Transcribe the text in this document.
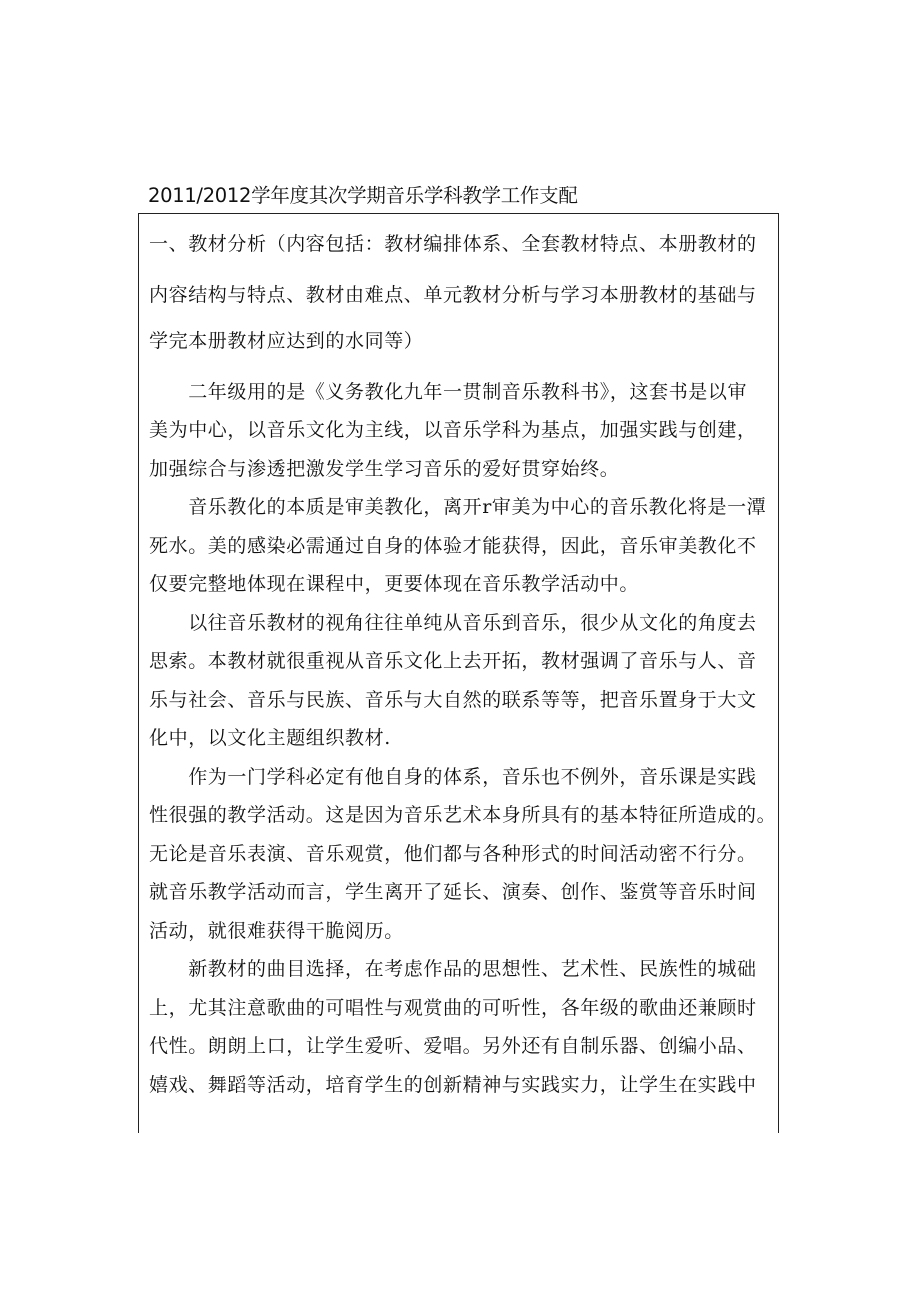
2011/2012学年度其次学期音乐学科教学工作支配
一、教材分析（内容包括：教材编排体系、全套教材特点、本册教材的
内容结构与特点、教材由难点、单元教材分析与学习本册教材的基础与
学完本册教材应达到的水同等）
　　二年级用的是《义务教化九年一贯制音乐教科书》，这套书是以审
美为中心，以音乐文化为主线，以音乐学科为基点，加强实践与创建，
加强综合与渗透把激发学生学习音乐的爱好贯穿始终。
　　音乐教化的本质是审美教化，离开r审美为中心的音乐教化将是一潭
死水。美的感染必需通过自身的体验才能获得，因此，音乐审美教化不
仅要完整地体现在课程中，更要体现在音乐教学活动中。
　　以往音乐教材的视角往往单纯从音乐到音乐，很少从文化的角度去
思索。本教材就很重视从音乐文化上去开拓，教材强调了音乐与人、音
乐与社会、音乐与民族、音乐与大自然的联系等等，把音乐置身于大文
化中，以文化主题组织教材.
　　作为一门学科必定有他自身的体系，音乐也不例外，音乐课是实践
性很强的教学活动。这是因为音乐艺术本身所具有的基本特征所造成的。
无论是音乐表演、音乐观赏，他们都与各种形式的时间活动密不行分。
就音乐教学活动而言，学生离开了延长、演奏、创作、鉴赏等音乐时间
活动，就很难获得干脆阅历。
　　新教材的曲目选择，在考虑作品的思想性、艺术性、民族性的城础
上，尤其注意歌曲的可唱性与观赏曲的可听性，各年级的歌曲还兼顾时
代性。朗朗上口，让学生爱听、爱唱。另外还有自制乐器、创编小品、
嬉戏、舞蹈等活动，培育学生的创新精神与实践实力，让学生在实践中
